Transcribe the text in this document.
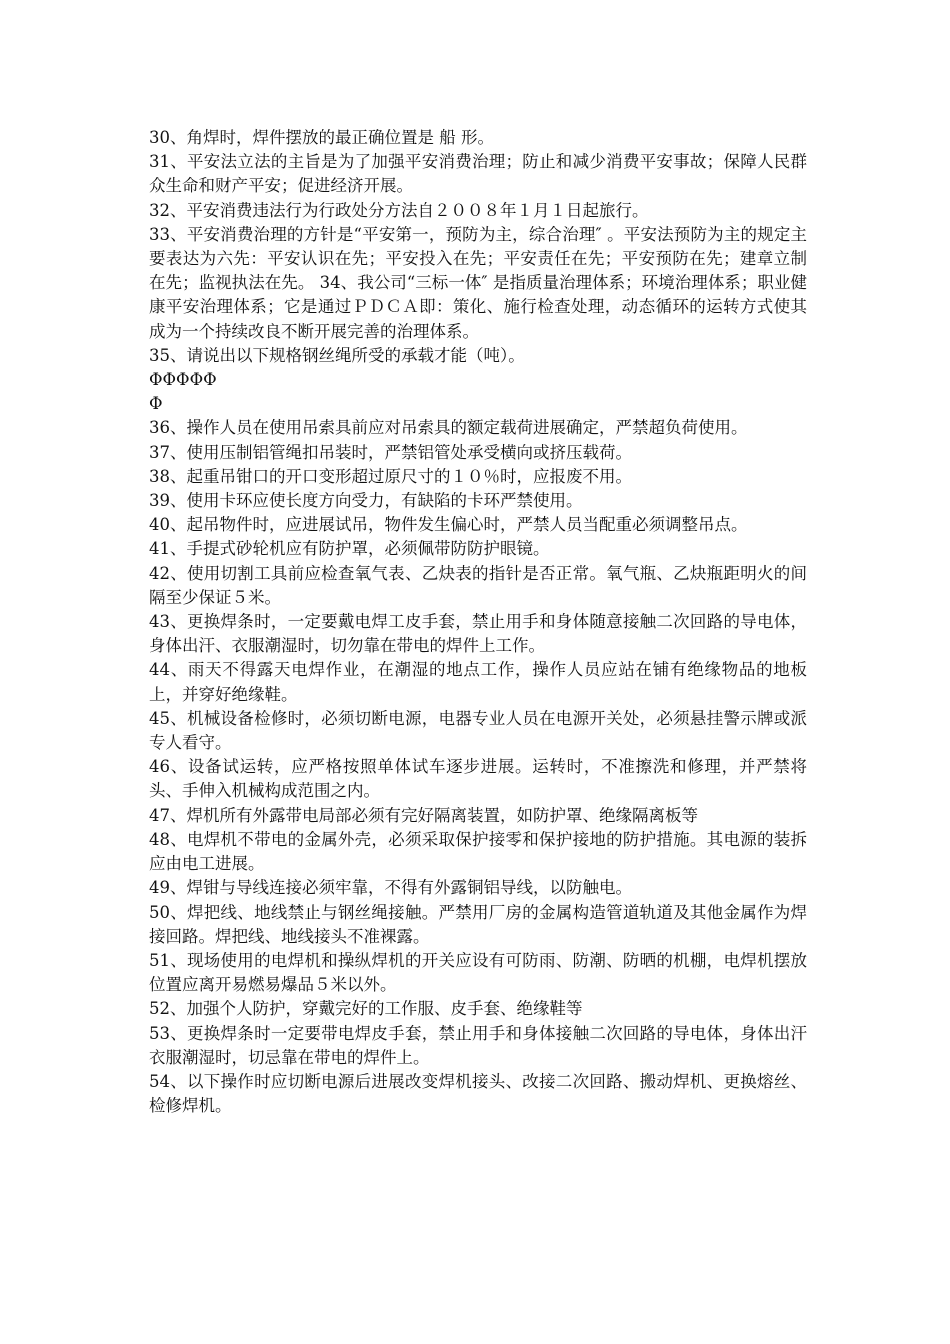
30、角焊时，焊件摆放的最正确位置是 船 形。

31、平安法立法的主旨是为了加强平安消费治理；防止和减少消费平安事故；保障人民群众生命和财产平安；促进经济开展。

32、平安消费违法行为行政处分方法自２００８年１月１日起旅行。

33、平安消费治理的方针是“平安第一，预防为主，综合治理″ 。平安法预防为主的规定主要表达为六先：平安认识在先；平安投入在先；平安责任在先；平安预防在先；建章立制在先；监视执法在先。 34、我公司“三标一体″ 是指质量治理体系；环境治理体系；职业健康平安治理体系；它是通过ＰＤＣＡ即：策化、施行检查处理，动态循环的运转方式使其成为一个持续改良不断开展完善的治理体系。

35、请说出以下规格钢丝绳所受的承载才能（吨）。

ΦΦΦΦΦ

Φ

36、操作人员在使用吊索具前应对吊索具的额定载荷进展确定，严禁超负荷使用。

37、使用压制铝管绳扣吊装时，严禁铝管处承受横向或挤压载荷。

38、起重吊钳口的开口变形超过原尺寸的１０％时，应报废不用。

39、使用卡环应使长度方向受力，有缺陷的卡环严禁使用。

40、起吊物件时，应进展试吊，物件发生偏心时，严禁人员当配重必须调整吊点。

41、手提式砂轮机应有防护罩，必须佩带防防护眼镜。

42、使用切割工具前应检查氧气表、乙炔表的指针是否正常。氧气瓶、乙炔瓶距明火的间隔至少保证５米。

43、更换焊条时，一定要戴电焊工皮手套，禁止用手和身体随意接触二次回路的导电体，身体出汗、衣服潮湿时，切勿靠在带电的焊件上工作。

44、雨天不得露天电焊作业，在潮湿的地点工作，操作人员应站在铺有绝缘物品的地板上，并穿好绝缘鞋。

45、机械设备检修时，必须切断电源，电器专业人员在电源开关处，必须悬挂警示牌或派专人看守。

46、设备试运转，应严格按照单体试车逐步进展。运转时，不准擦洗和修理，并严禁将头、手伸入机械构成范围之内。

47、焊机所有外露带电局部必须有完好隔离装置，如防护罩、绝缘隔离板等

48、电焊机不带电的金属外壳，必须采取保护接零和保护接地的防护措施。其电源的装拆应由电工进展。

49、焊钳与导线连接必须牢靠，不得有外露铜铝导线，以防触电。

50、焊把线、地线禁止与钢丝绳接触。严禁用厂房的金属构造管道轨道及其他金属作为焊接回路。焊把线、地线接头不准裸露。

51、现场使用的电焊机和操纵焊机的开关应设有可防雨、防潮、防晒的机棚，电焊机摆放位置应离开易燃易爆品５米以外。

52、加强个人防护，穿戴完好的工作服、皮手套、绝缘鞋等

53、更换焊条时一定要带电焊皮手套，禁止用手和身体接触二次回路的导电体，身体出汗衣服潮湿时，切忌靠在带电的焊件上。

54、以下操作时应切断电源后进展改变焊机接头、改接二次回路、搬动焊机、更换熔丝、检修焊机。
